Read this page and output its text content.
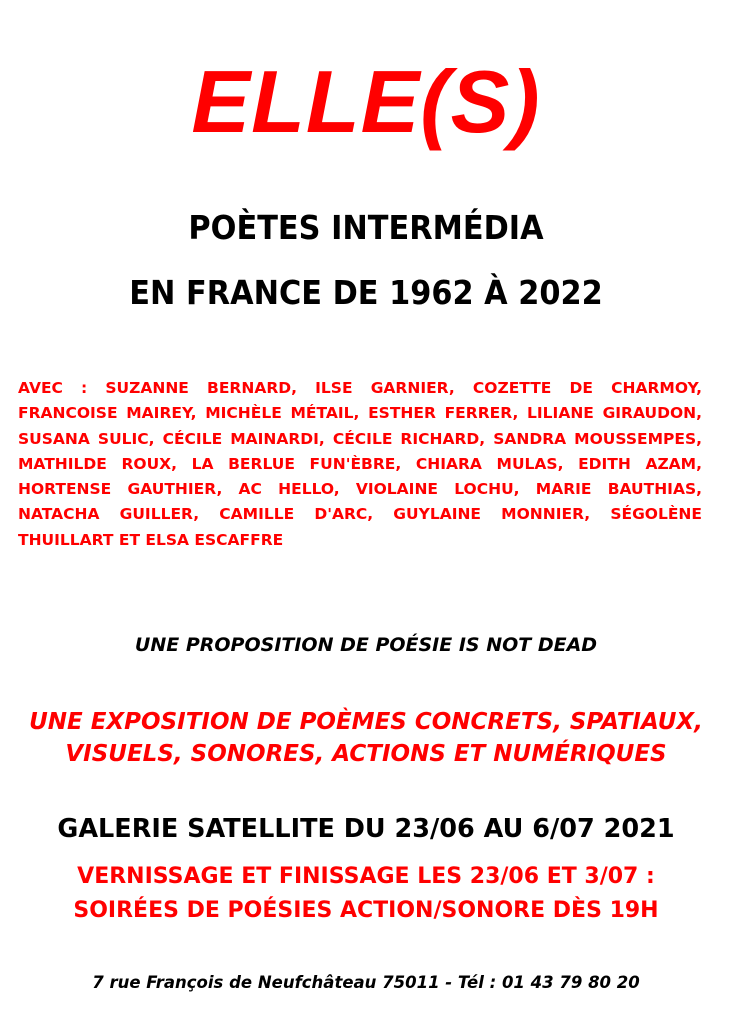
ELLE(S)
POÈTES INTERMÉDIA
EN FRANCE DE 1962 À 2022
AVEC : SUZANNE BERNARD, ILSE GARNIER, COZETTE DE CHARMOY, FRANCOISE MAIREY, MICHÈLE MÉTAIL, ESTHER FERRER, LILIANE GIRAUDON, SUSANA SULIC, CÉCILE MAINARDI, CÉCILE RICHARD, SANDRA MOUSSEMPES, MATHILDE ROUX, LA BERLUE FUN'ÈBRE, CHIARA MULAS, EDITH AZAM, HORTENSE GAUTHIER, AC HELLO, VIOLAINE LOCHU, MARIE BAUTHIAS, NATACHA GUILLER, CAMILLE D'ARC, GUYLAINE MONNIER, SÉGOLÈNE THUILLART ET ELSA ESCAFFRE
UNE PROPOSITION DE POÉSIE IS NOT DEAD
UNE EXPOSITION DE POÈMES CONCRETS, SPATIAUX,
VISUELS, SONORES, ACTIONS ET NUMÉRIQUES
GALERIE SATELLITE DU 23/06 AU 6/07 2021
VERNISSAGE ET FINISSAGE LES 23/06 ET 3/07 :
SOIRÉES DE POÉSIES ACTION/SONORE DÈS 19H
7 rue François de Neufchâteau 75011 - Tél : 01 43 79 80 20
